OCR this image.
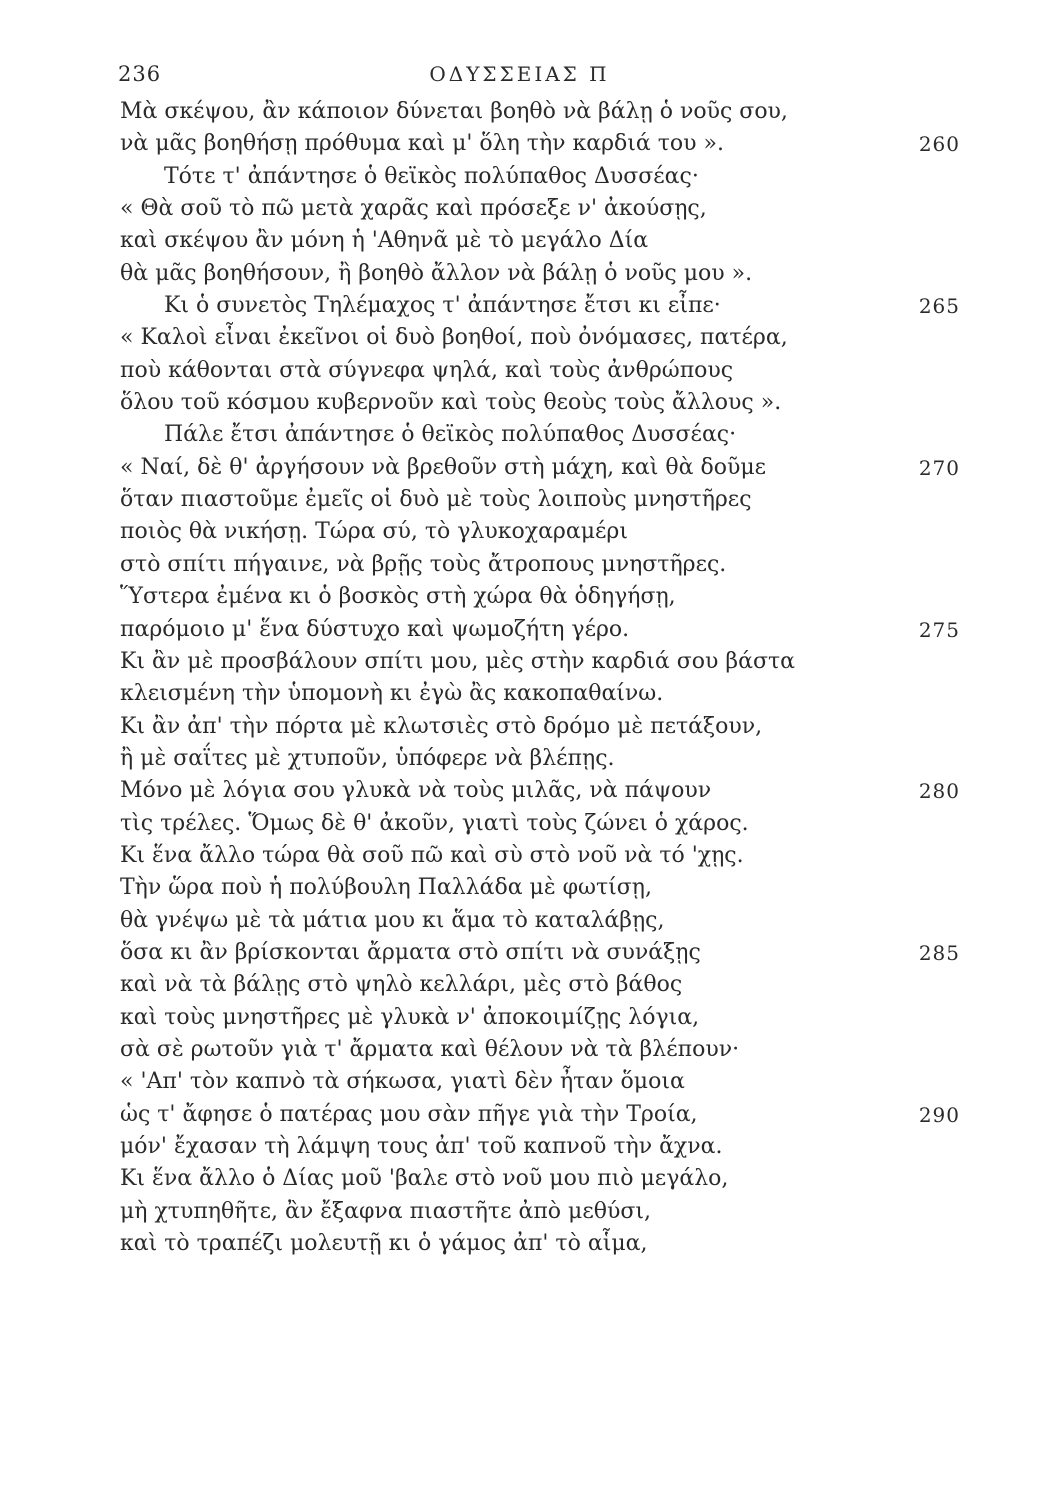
236	ΟΔΥΣΣΕΙΑΣ Π
Μὰ σκέψου, ἂν κάποιον δύνεται βοηθὸ νὰ βάλῃ ὁ νοῦς σου,
νὰ μᾶς βοηθήσῃ πρόθυμα καὶ μ' ὅλη τὴν καρδιά του ».	260
Τότε τ' ἀπάντησε ὁ θεϊκὸς πολύπαθος Δυσσέας·
« Θὰ σοῦ τὸ πῶ μετὰ χαρᾶς καὶ πρόσεξε ν' ἀκούσῃς,
καὶ σκέψου ἂν μόνη ἡ 'Αθηνᾶ μὲ τὸ μεγάλο Δία
θὰ μᾶς βοηθήσουν, ἢ βοηθὸ ἄλλον νὰ βάλῃ ὁ νοῦς μου ».
Κι ὁ συνετὸς Τηλέμαχος τ' ἀπάντησε ἔτσι κι εἶπε·	265
« Καλοὶ εἶναι ἐκεῖνοι οἱ δυὸ βοηθοί, ποὺ ὀνόμασες, πατέρα,
ποὺ κάθονται στὰ σύγνεφα ψηλά, καὶ τοὺς ἀνθρώπους
ὅλου τοῦ κόσμου κυβερνοῦν καὶ τοὺς θεοὺς τοὺς ἄλλους ».
Πάλε ἔτσι ἀπάντησε ὁ θεϊκὸς πολύπαθος Δυσσέας·
« Ναί, δὲ θ' ἀργήσουν νὰ βρεθοῦν στὴ μάχη, καὶ θὰ δοῦμε	270
ὅταν πιαστοῦμε ἐμεῖς οἱ δυὸ μὲ τοὺς λοιποὺς μνηστῆρες
ποιὸς θὰ νικήσῃ. Τώρα σύ, τὸ γλυκοχαραμέρι
στὸ σπίτι πήγαινε, νὰ βρῇς τοὺς ἄτροπους μνηστῆρες.
Ὕστερα ἐμένα κι ὁ βοσκὸς στὴ χώρα θὰ ὁδηγήσῃ,
παρόμοιο μ' ἕνα δύστυχο καὶ ψωμοζήτη γέρο.	275
Κι ἂν μὲ προσβάλουν σπίτι μου, μὲς στὴν καρδιά σου βάστα
κλεισμένη τὴν ὑπομονὴ κι ἐγὼ ἂς κακοπαθαίνω.
Κι ἂν ἀπ' τὴν πόρτα μὲ κλωτσιὲς στὸ δρόμο μὲ πετάξουν,
ἢ μὲ σαΐτες μὲ χτυποῦν, ὑπόφερε νὰ βλέπῃς.
Μόνο μὲ λόγια σου γλυκὰ νὰ τοὺς μιλᾶς, νὰ πάψουν	280
τὶς τρέλες. Ὅμως δὲ θ' ἀκοῦν, γιατὶ τοὺς ζώνει ὁ χάρος.
Κι ἕνα ἄλλο τώρα θὰ σοῦ πῶ καὶ σὺ στὸ νοῦ νὰ τό 'χῃς.
Τὴν ὥρα ποὺ ἡ πολύβουλη Παλλάδα μὲ φωτίσῃ,
θὰ γνέψω μὲ τὰ μάτια μου κι ἅμα τὸ καταλάβῃς,
ὅσα κι ἂν βρίσκονται ἄρματα στὸ σπίτι νὰ συνάξῃς	285
καὶ νὰ τὰ βάλῃς στὸ ψηλὸ κελλάρι, μὲς στὸ βάθος
καὶ τοὺς μνηστῆρες μὲ γλυκὰ ν' ἀποκοιμίζῃς λόγια,
σὰ σὲ ρωτοῦν γιὰ τ' ἄρματα καὶ θέλουν νὰ τὰ βλέπουν·
« 'Απ' τὸν καπνὸ τὰ σήκωσα, γιατὶ δὲν ἦταν ὅμοια
ὡς τ' ἄφησε ὁ πατέρας μου σὰν πῆγε γιὰ τὴν Τροία,	290
μόν' ἔχασαν τὴ λάμψη τους ἀπ' τοῦ καπνοῦ τὴν ἄχνα.
Κι ἕνα ἄλλο ὁ Δίας μοῦ 'βαλε στὸ νοῦ μου πιὸ μεγάλο,
μὴ χτυπηθῆτε, ἂν ἔξαφνα πιαστῆτε ἀπὸ μεθύσι,
καὶ τὸ τραπέζι μολευτῇ κι ὁ γάμος ἀπ' τὸ αἷμα,
